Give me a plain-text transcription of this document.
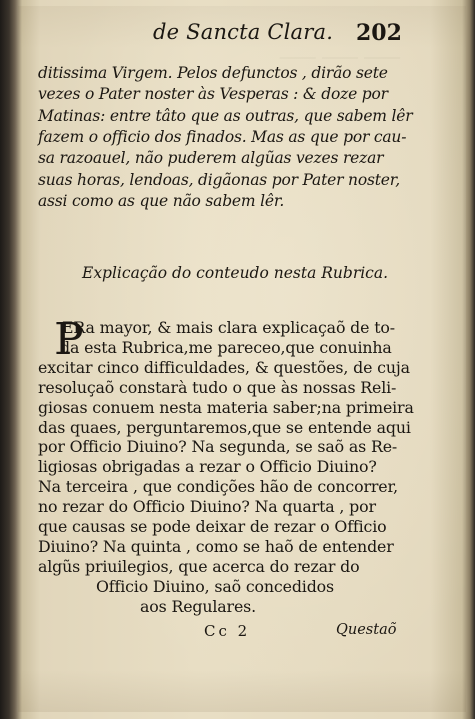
⸻ ⸻ ⸻
de Sancta Clara. 202
ditissima Virgem. Pelos defunctos , dirão sete
vezes o Pater noster às Vesperas : & doze por
Matinas: entre tâto que as outras, que sabem lêr
fazem o officio dos finados. Mas as que por cau-
sa razoauel, não puderem algũas vezes rezar
suas horas, lendoas, digãonas por Pater noster,
assi como as que não sabem lêr.
Explicação do conteudo nesta Rubrica.
P
ERa mayor, & mais clara explicaçaõ de to-
da esta Rubrica,me pareceo,que conuinha
excitar cinco difficuldades, & questões, de cuja
resoluçaõ constarà tudo o que às nossas Reli-
giosas conuem nesta materia saber;na primeira
das quaes, perguntaremos,que se entende aqui
por Officio Diuino? Na segunda, se saõ as Re-
ligiosas obrigadas a rezar o Officio Diuino?
Na terceira , que condições hão de concorrer,
no rezar do Officio Diuino? Na quarta , por
que causas se pode deixar de rezar o Officio
Diuino? Na quinta , como se haõ de entender
algũs priuilegios, que acerca do rezar do
Officio Diuino, saõ concedidos
aos Regulares.
Cc 2	Questaõ
